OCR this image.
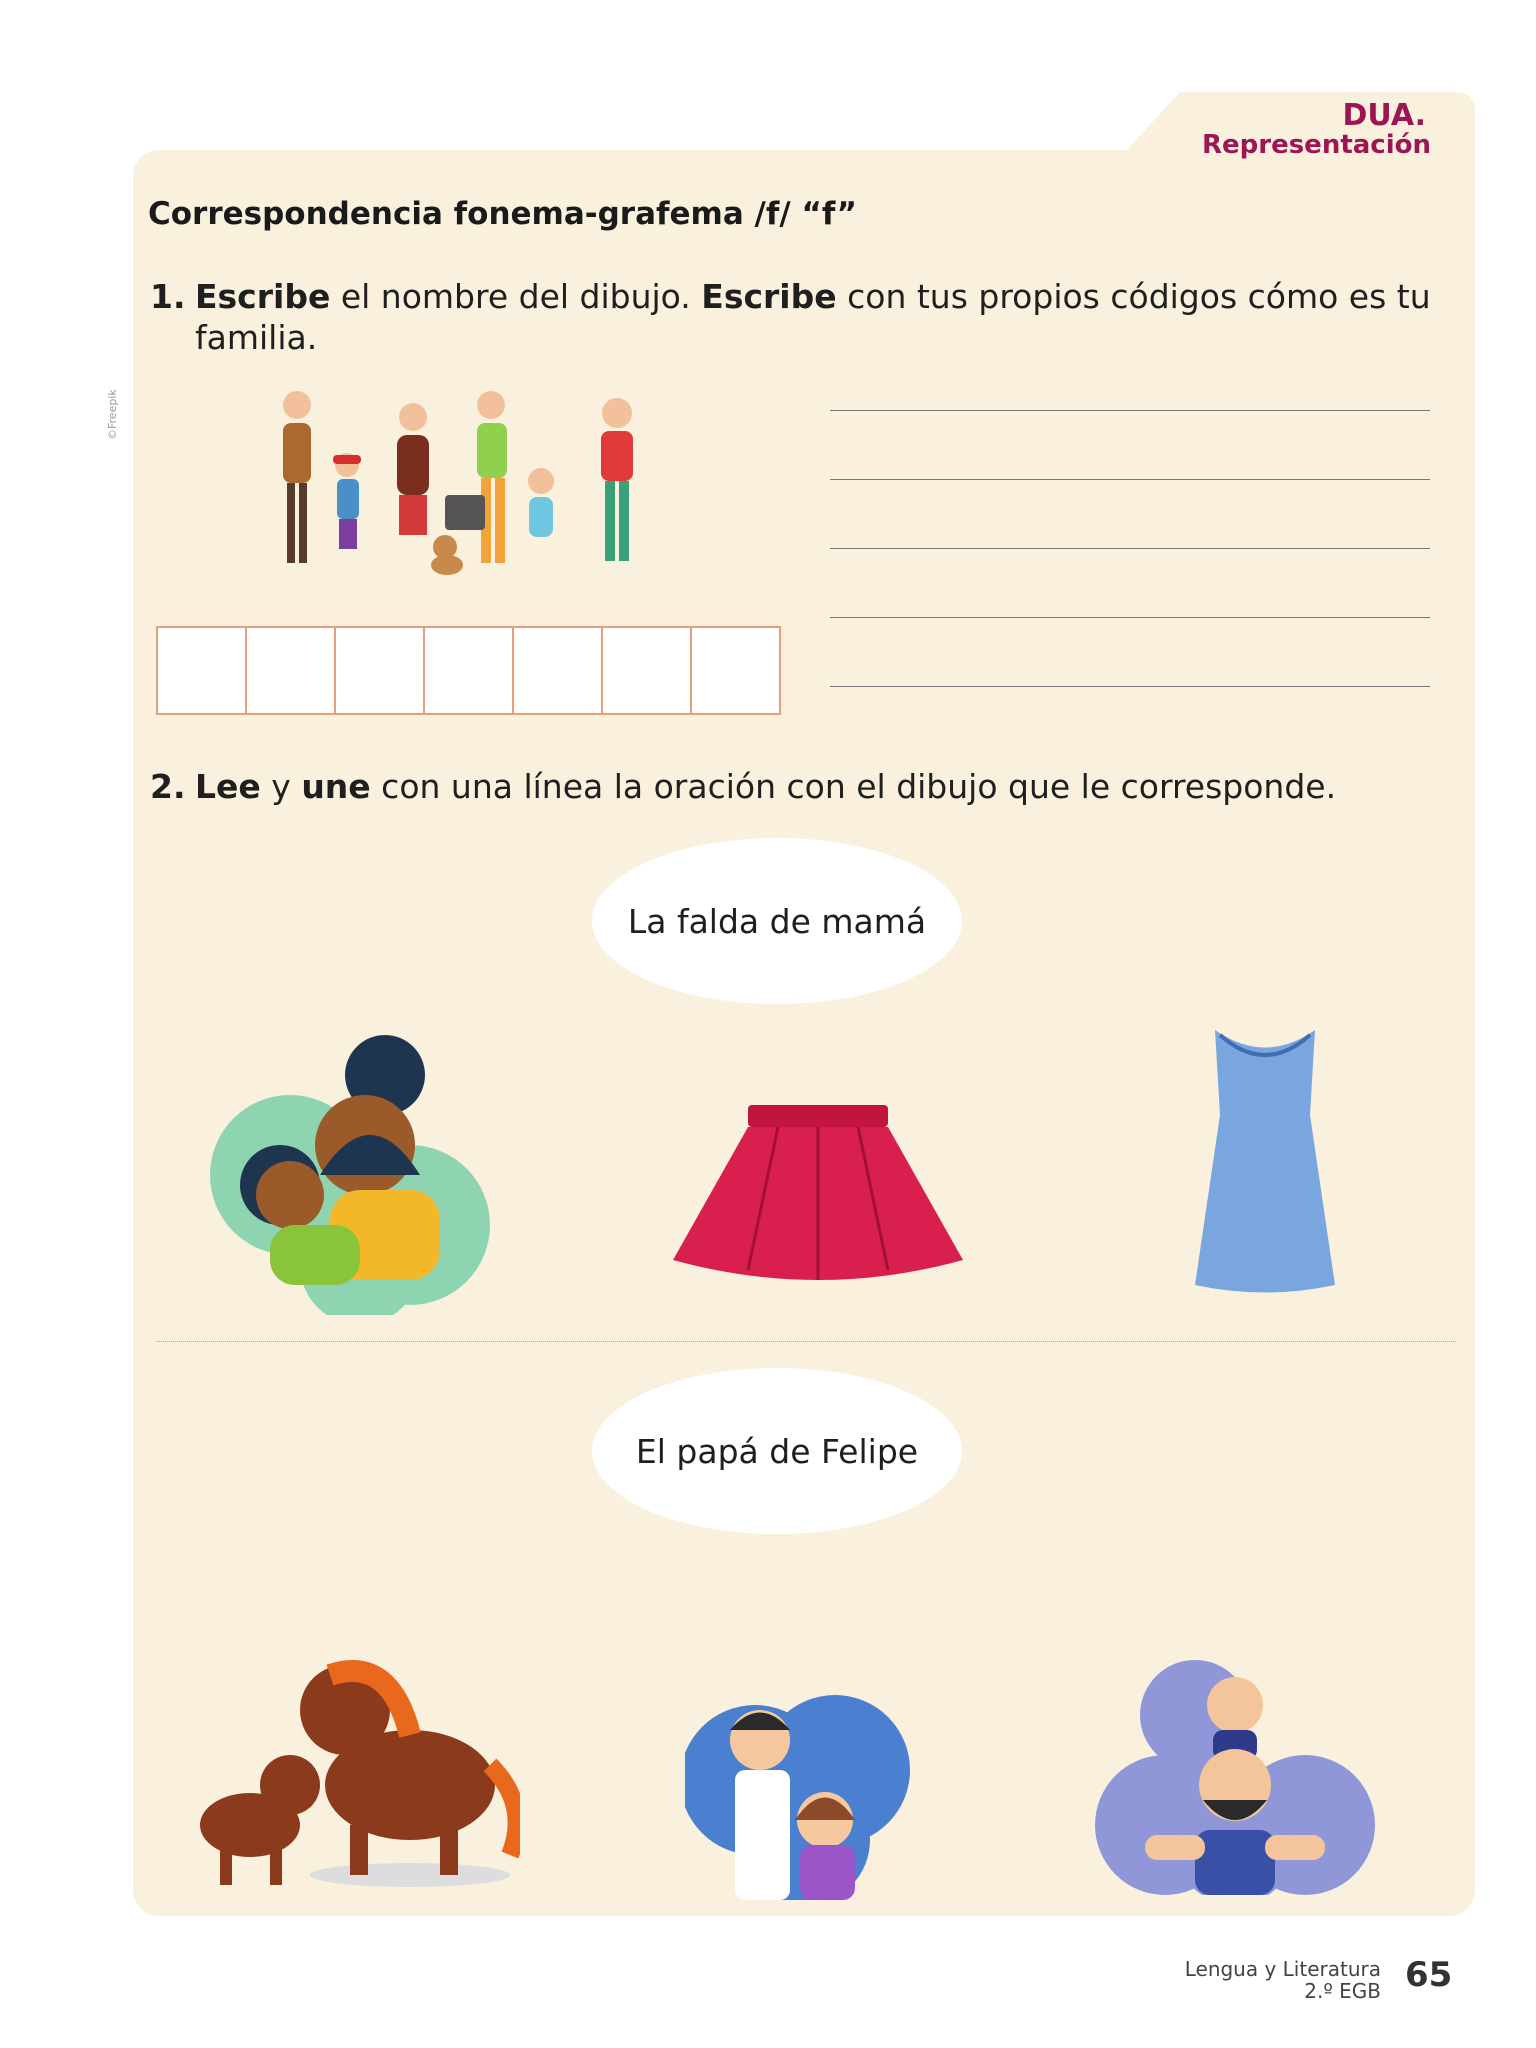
DUA.
Representación
©Freepik
Correspondencia fonema-grafema /f/ “f”
1. Escribe el nombre del dibujo. Escribe con tus propios códigos cómo es tu
familia.
2. Lee y une con una línea la oración con el dibujo que le corresponde.
La falda de mamá
El papá de Felipe
Lengua y Literatura
2.º EGB 65
